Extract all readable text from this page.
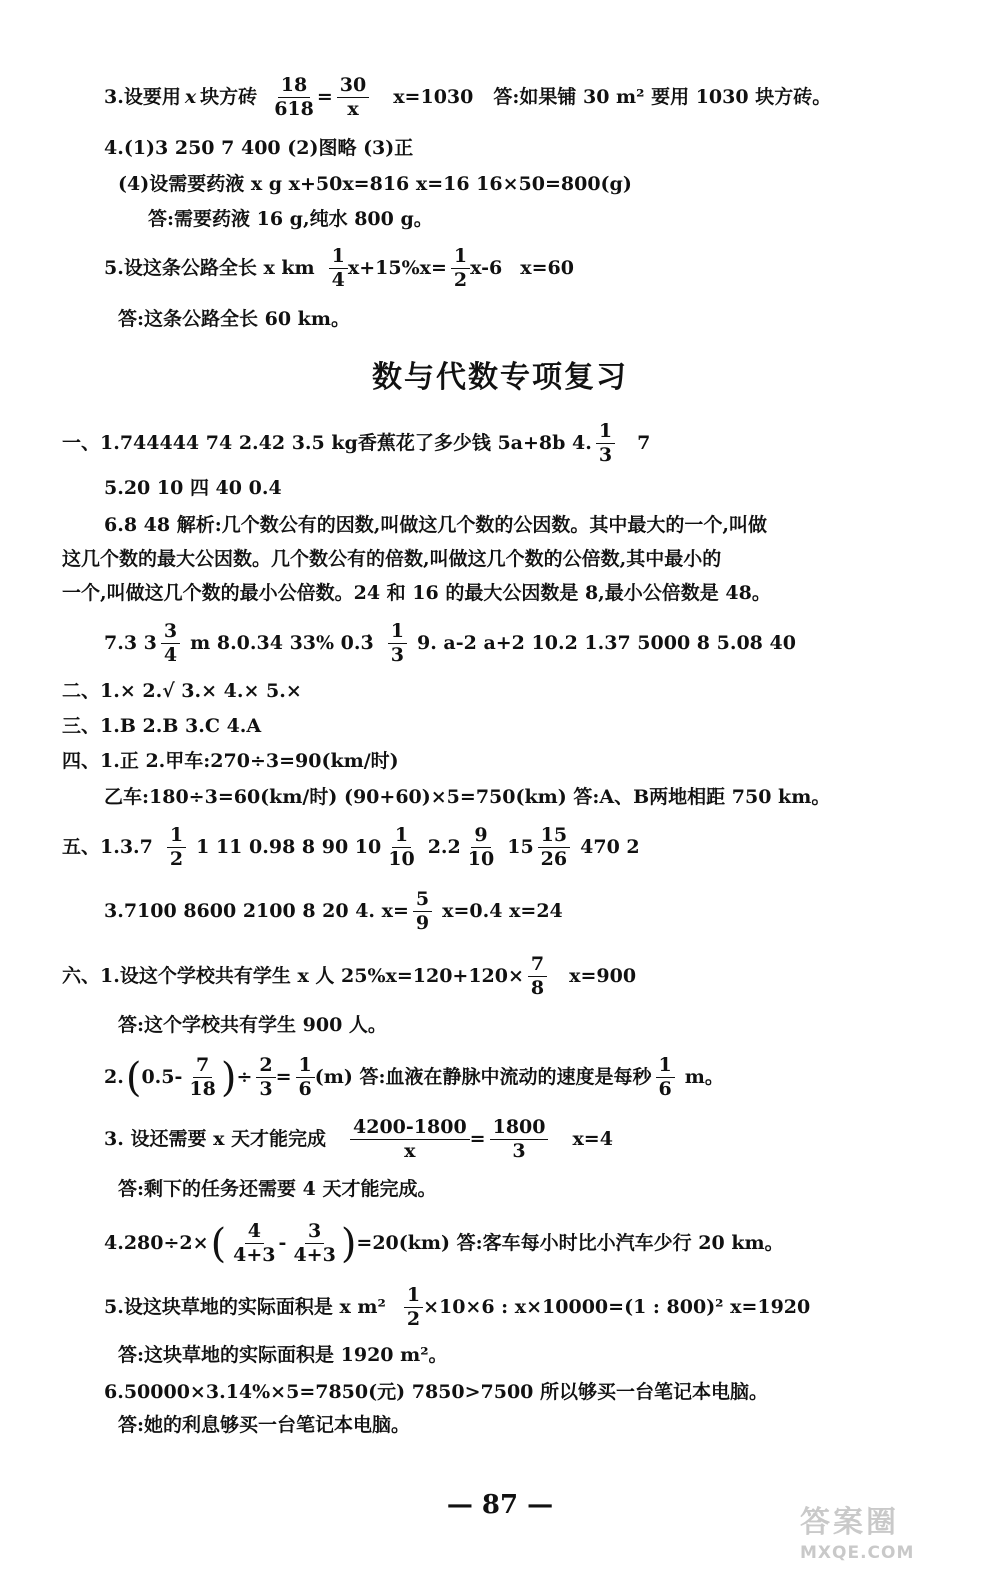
3.设要用 x 块方砖 $\frac{18}{618} = \frac{30}{x} x=1030$ 答:如果铺 30 m² 要用 1030 块方砖。
4.(1)3 250 7 400 (2)图略 (3)正
(4)设需要药液 x g x+50x=816 x=16 16×50=800(g)
答:需要药液 16 g,纯水 800 g。
5.设这条公路全长 x km $\frac{1}{4} x+15\%x= \frac{1}{2} x-6$ x=60
答:这条公路全长 60 km。
数与代数专项复习
一、1.744444 74 2.42 3.5 kg香蕉花了多少钱 5a+8b 4. $\frac{1}{3} 7$
5.20 10 四 40 0.4
6.8 48 解析:几个数公有的因数,叫做这几个数的公因数。其中最大的一个,叫做
这几个数的最大公因数。几个数公有的倍数,叫做这几个数的公倍数,其中最小的
一个,叫做这几个数的最小公倍数。24 和 16 的最大公因数是 8,最小公倍数是 48。
7.3 $3 \frac{3}{4}$ m 8.0.34 33% 0.3̇ $\frac{1}{3} 9$. a-2 a+2 10.2 1.37 5000 8 5.08 40
二、1.× 2.√ 3.× 4.× 5.×
三、1.B 2.B 3.C 4.A
四、1.正 2.甲车:270÷3=90(km/时)
乙车:180÷3=60(km/时) (90+60)×5=750(km) 答:A、B两地相距 750 km。
五、$1.3.7 \frac{1}{2} 1$ 11 0.98 8 90 $10 \frac{1}{10} 2.2 \frac{9}{10} 15 \frac{15}{26} 470$ 2
3.7100 8600 2100 8 20 4. $x= \frac{5}{9} x=0.4$ x=24
六、1.设这个学校共有学生 x 人 $25\%x=120+120\times \frac{7}{8} x=900$
答:这个学校共有学生 900 人。
2. ( $0.5- \frac{7}{18}$ ) ÷ $\frac{2}{3} = \frac{1}{6} (m)$ 答:血液在静脉中流动的速度是每秒 $\frac{1}{6}$ m。
3. 设还需要 x 天才能完成 $\frac{4200-1800}{x} = \frac{1800}{3} x=4$
答:剩下的任务还需要 4 天才能完成。
4.280÷2× ( $\frac{4}{4+3} - \frac{3}{4+3}$ ) =20(km) 答:客车每小时比小汽车少行 20 km。
5.设这块草地的实际面积是 x $m^2 \frac{1}{2} \times 10\times 6$ : x×10000=(1 : 800)² x=1920
答:这块草地的实际面积是 1920 m²。
6.50000×3.14%×5=7850(元) 7850>7500 所以够买一台笔记本电脑。
答:她的利息够买一台笔记本电脑。
— 87 —	答案圈
MXQE.COM
